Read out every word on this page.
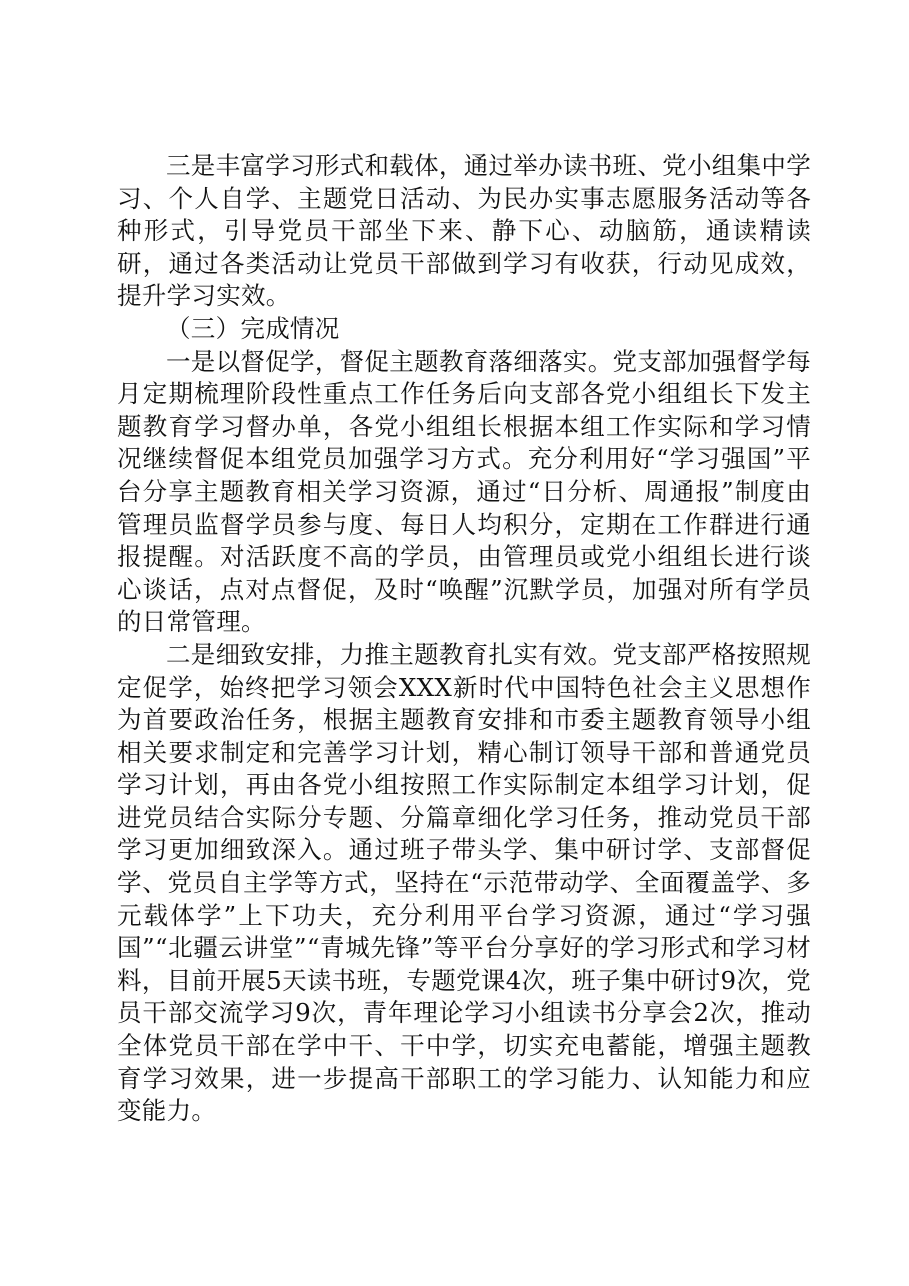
三是丰富学习形式和载体，通过举办读书班、党小组集中学习、个人自学、主题党日活动、为民办实事志愿服务活动等各种形式，引导党员干部坐下来、静下心、动脑筋，通读精读研，通过各类活动让党员干部做到学习有收获，行动见成效，提升学习实效。

（三）完成情况

一是以督促学，督促主题教育落细落实。党支部加强督学每月定期梳理阶段性重点工作任务后向支部各党小组组长下发主题教育学习督办单，各党小组组长根据本组工作实际和学习情况继续督促本组党员加强学习方式。充分利用好“学习强国”平台分享主题教育相关学习资源，通过“日分析、周通报”制度由管理员监督学员参与度、每日人均积分，定期在工作群进行通报提醒。对活跃度不高的学员，由管理员或党小组组长进行谈心谈话，点对点督促，及时“唤醒”沉默学员，加强对所有学员的日常管理。

二是细致安排，力推主题教育扎实有效。党支部严格按照规定促学，始终把学习领会XXX新时代中国特色社会主义思想作为首要政治任务，根据主题教育安排和市委主题教育领导小组相关要求制定和完善学习计划，精心制订领导干部和普通党员学习计划，再由各党小组按照工作实际制定本组学习计划，促进党员结合实际分专题、分篇章细化学习任务，推动党员干部学习更加细致深入。通过班子带头学、集中研讨学、支部督促学、党员自主学等方式，坚持在“示范带动学、全面覆盖学、多元载体学”上下功夫，充分利用平台学习资源，通过“学习强国”“北疆云讲堂”“青城先锋”等平台分享好的学习形式和学习材料，目前开展5天读书班，专题党课4次，班子集中研讨9次，党员干部交流学习9次，青年理论学习小组读书分享会2次，推动全体党员干部在学中干、干中学，切实充电蓄能，增强主题教育学习效果，进一步提高干部职工的学习能力、认知能力和应变能力。
